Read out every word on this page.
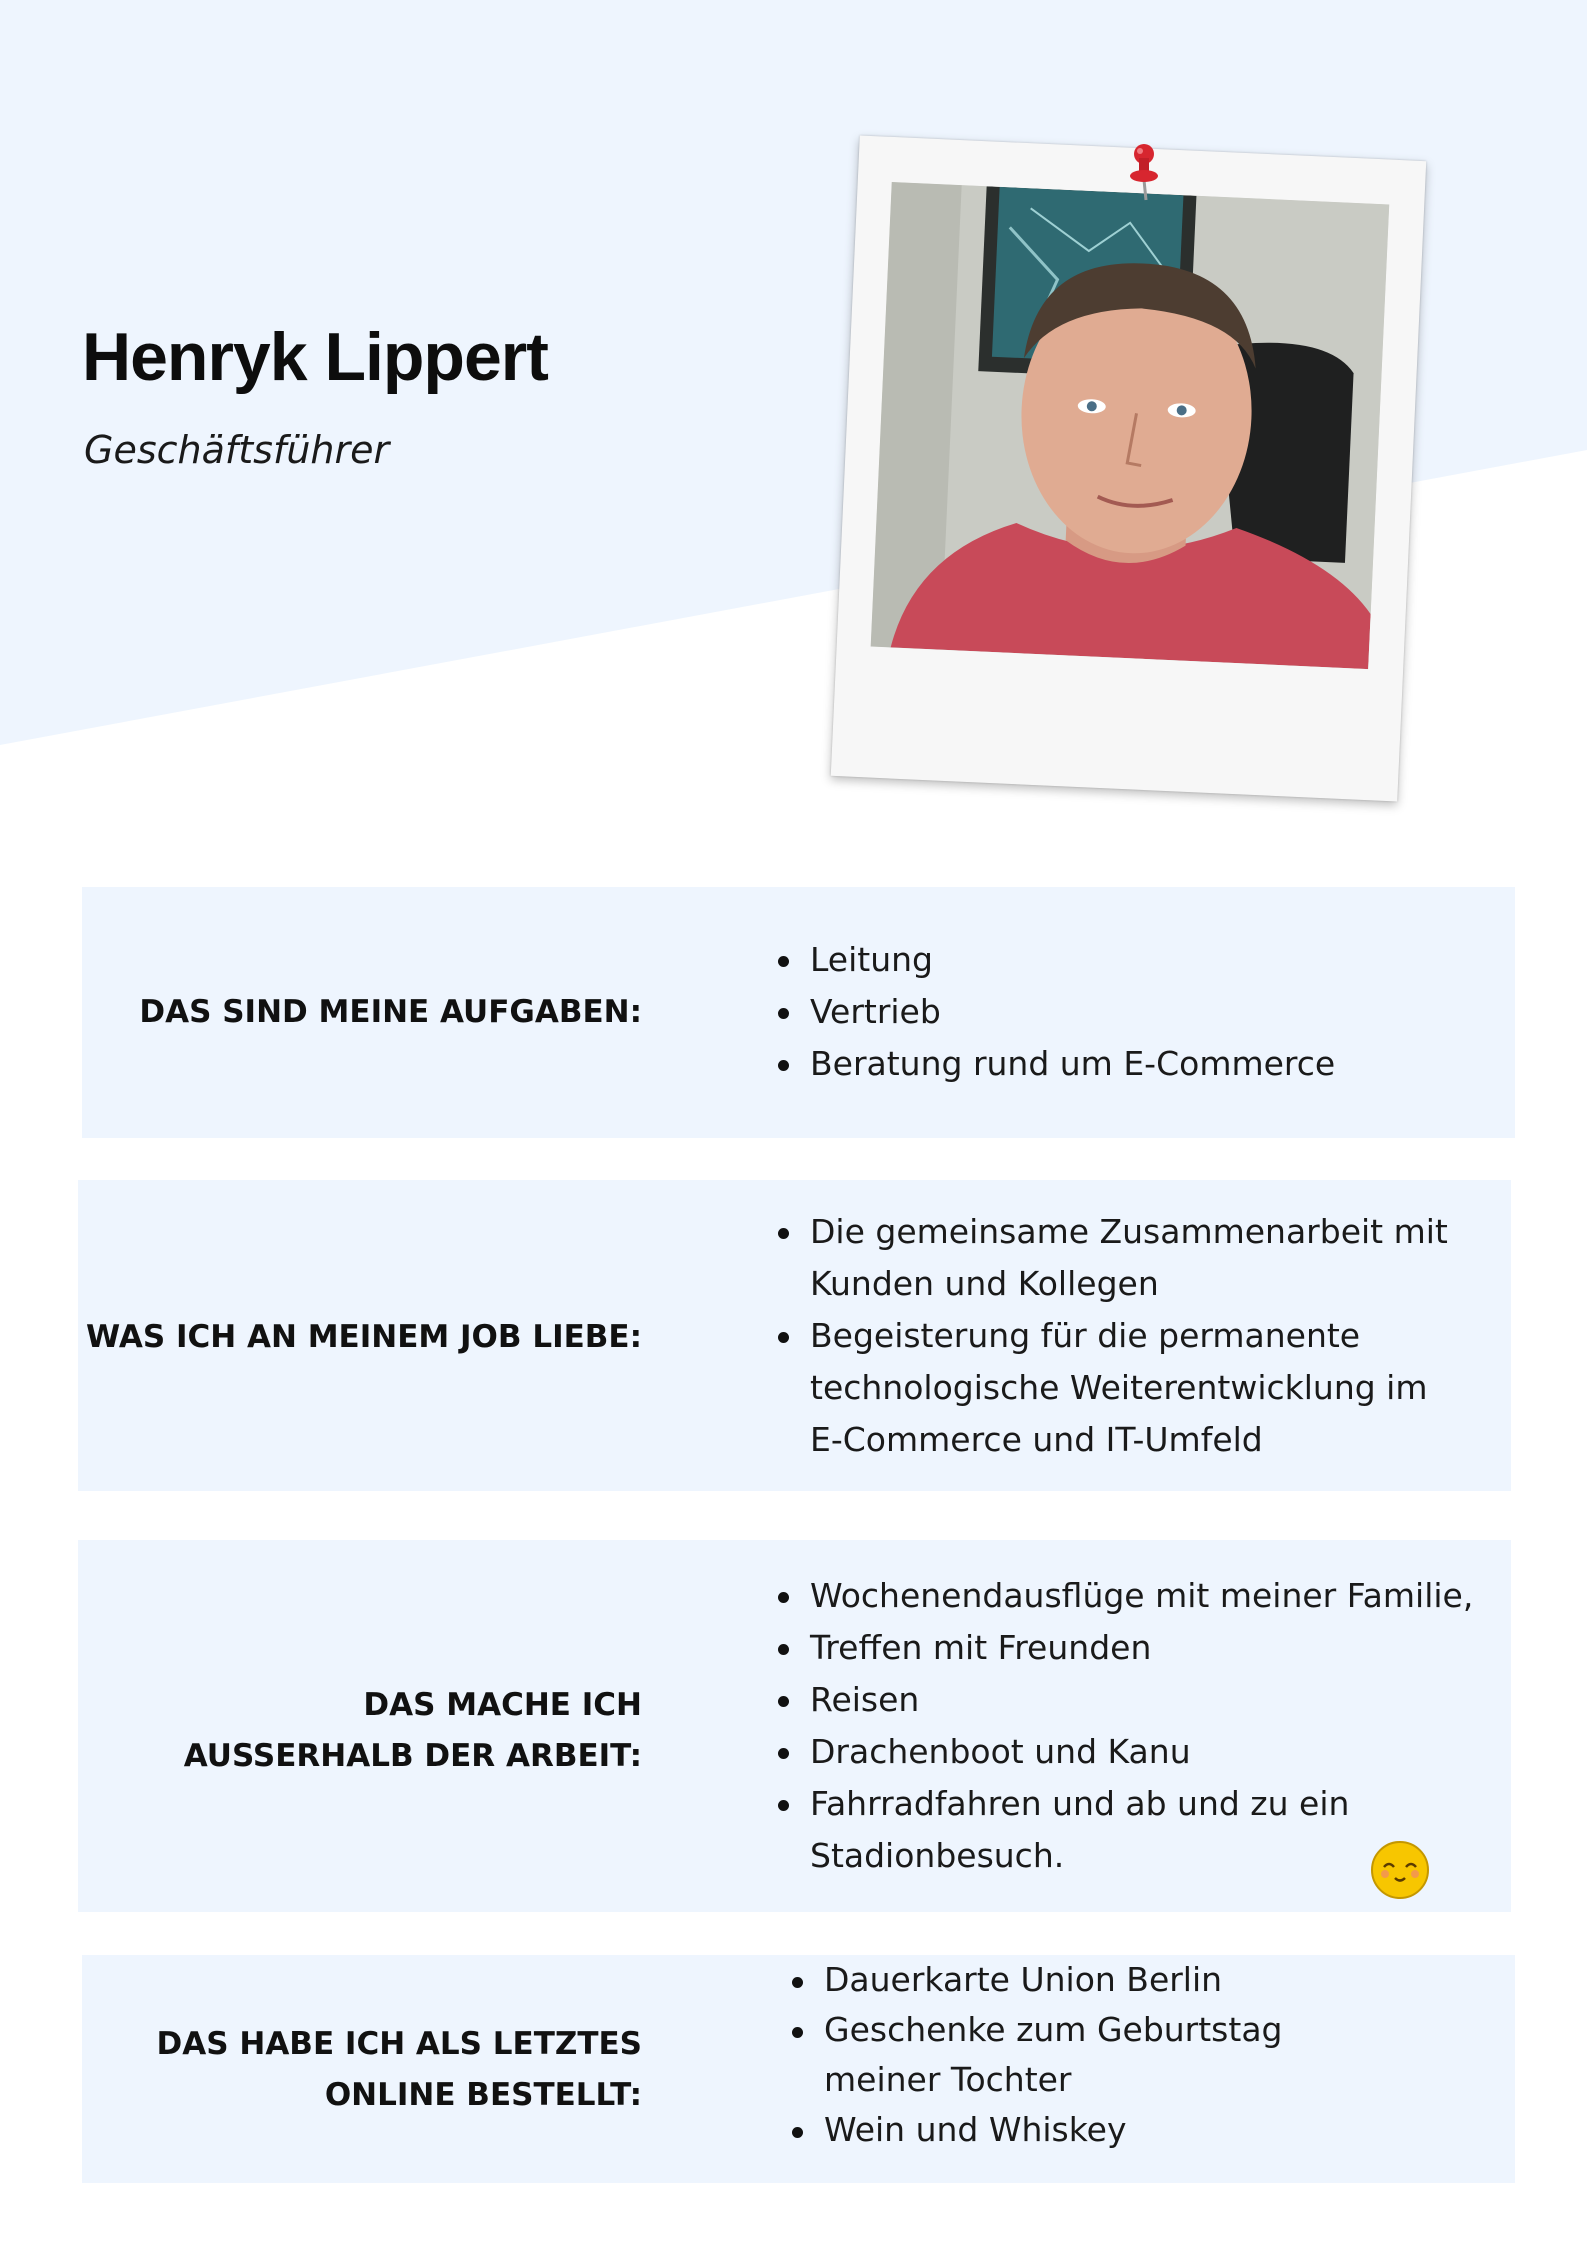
Henryk Lippert
Geschäftsführer
DAS SIND MEINE AUFGABEN:
Leitung
Vertrieb
Beratung rund um E-Commerce
WAS ICH AN MEINEM JOB LIEBE:
Die gemeinsame Zusammenarbeit mit Kunden und Kollegen
Begeisterung für die permanente technologische Weiterentwicklung im E-Commerce und IT-Umfeld
DAS MACHE ICH
AUSSERHALB DER ARBEIT:
Wochenendausflüge mit meiner Familie,
Treffen mit Freunden
Reisen
Drachenboot und Kanu
Fahrradfahren und ab und zu ein Stadionbesuch.
DAS HABE ICH ALS LETZTES
ONLINE BESTELLT:
Dauerkarte Union Berlin
Geschenke zum Geburtstag meiner Tochter
Wein und Whiskey
